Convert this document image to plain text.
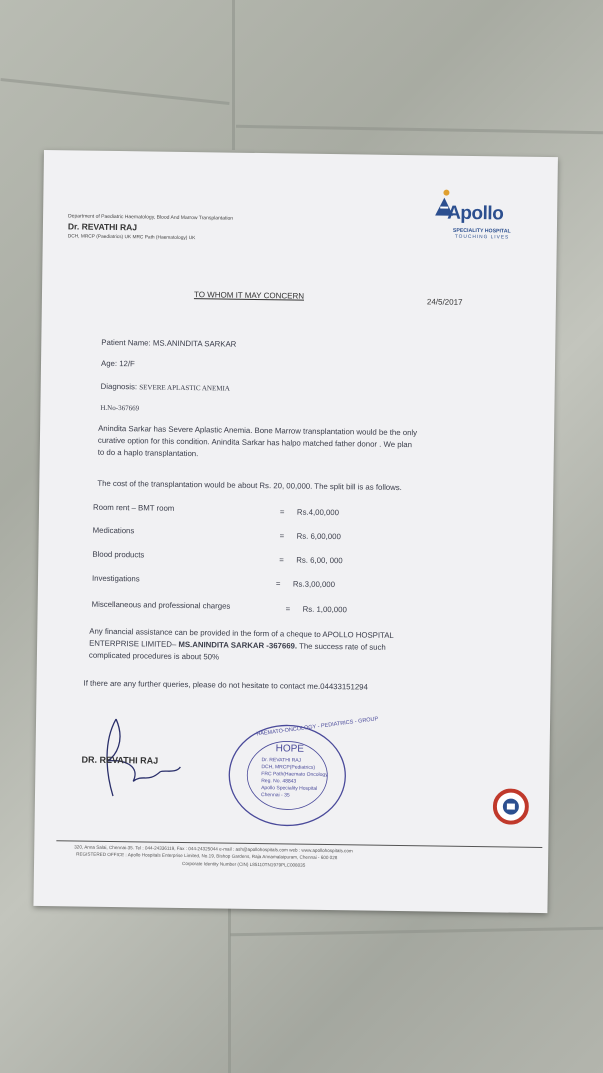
Department of Paediatric Haematology, Blood And Marrow Transplantation
Dr. REVATHI RAJ
DCH, MRCP (Paediatrics) UK MRC Path (Haematology) UK
Apollo
SPECIALITY HOSPITAL
TOUCHING LIVES
TO WHOM IT MAY CONCERN
24/5/2017
Patient Name: MS.ANINDITA SARKAR
Age: 12/F
Diagnosis: SEVERE APLASTIC ANEMIA
H.No-367669
Anindita Sarkar has Severe Aplastic Anemia. Bone Marrow transplantation would be the only
curative option for this condition. Anindita Sarkar has halpo matched father donor . We plan
to do a haplo transplantation.
The cost of the transplantation would be about Rs. 20, 00,000. The split bill is as follows.
Room rent – BMT room	= Rs.4,00,000
Medications
= Rs. 6,00,000
Blood products
= Rs. 6,00, 000
Investigations
= Rs.3,00,000
Miscellaneous and professional charges	= Rs. 1,00,000
Any financial assistance can be provided in the form of a cheque to APOLLO HOSPITAL
ENTERPRISE LIMITED– MS.ANINDITA SARKAR -367669. The success rate of such
complicated procedures is about 50%
If there are any further queries, please do not hesitate to contact me.04433151294
DR. REVATHI RAJ
HAEMATO-ONCOLOGY - PEDIATRICS - GROUP
HOPE
Dr. REVATHI RAJ
DCH, MRCP(Pediatrics)
FRC Path(Haemato Oncology
Reg. No. 48843
Apollo Speciality Hospital
Chennai - 35
320, Anna Salai, Chennai-35. Tel : 044-24336119, Fax : 044-24325044 e-mail : ash@apollohospitals.com web : www.apollohospitals.com
REGISTERED OFFICE : Apollo Hospitals Enterprise Limited, No.19, Bishop Gardens, Raja Annamalaipuram, Chennai - 600 028
Corporate Identity Number (CIN) L85110TN1979PLC008035
